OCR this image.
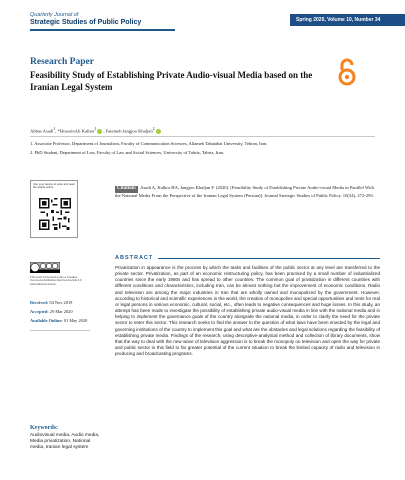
Quarterly Journal of
Strategic Studies of Public Policy	Spring 2020, Volume 10, Number 34
Research Paper
Feasibility Study of Establishing Private Audio-visual Media based on the Iranian Legal System
Abbas Asadi$^1$, *HosseinAli Kalhor$^1$ , Fatemeh Jangjoo Khaljan$^2$
1. Associate Professor, Department of Journalism, Faculty of Communication Sciences, Allameh Tabatabai University, Tehran, Iran.
2. PhD Student, Department of Law, Faculty of Law and Social Sciences, University of Tabriz, Tabriz, Iran.
Use your device to scan and read the article online	Citation: Asadi A, Kalhor HA, Jangjoo Khaljan F. (2020). [Feasibility Study of Establishing Private Audio-visual Media in Parallel With the National Media From the Perspective of the Iranian Legal System (Persian)]. Journal Strategic Studies of Public Policy, 10(34), 272-293.
This work is licensed under a Creative Commons Attribution-NonCommercial 4.0 International License.
Received: 04 Nov 2019
Accepted: 29 Mar 2020
Available Online: 01 May 2020
ABSTRACT
Privatization in appearance is the process by which the tasks and facilities of the public sector at any level are transferred to the private sector. Privatization, as part of an economic restructuring policy, has been practiced by a small number of industrialized countries since the early 1980s and has spread to other countries. The common goal of privatization in different countries with different conditions and characteristics, including Iran, can be almost nothing but the improvement of economic conditions. Radio and television are among the major industries in Iran that are wholly owned and monopolized by the government. However, according to historical and scientific experiences in the world, the creation of monopolies and special opportunities and rents for real or legal persons in various economic, cultural, social, etc., often leads to negative consequences and huge losses. In this study, an attempt has been made to investigate the possibility of establishing private audio-visual media in line with the national media and in helping to implement the governance goals of the country alongside the national media, in order to clarify the need for the private sector to enter this sector. This research seeks to find the answer to the question of what laws have been enacted by the legal and governing institutions of the country to implement this goal and what are the obstacles and legal solutions regarding the feasibility of establishing private media. Findings of the research, using descriptive-analytical method and collection of library documents, show that the way to deal with the new wave of television aggression is to break the monopoly on television and open the way for private and public sector in this field to far greater potential of the current situation to break the limited capacity of radio and television in producing and broadcasting programs.
Keywords:
Audiovisual media, Audio media, Media privatization, National media, Iranian legal system
